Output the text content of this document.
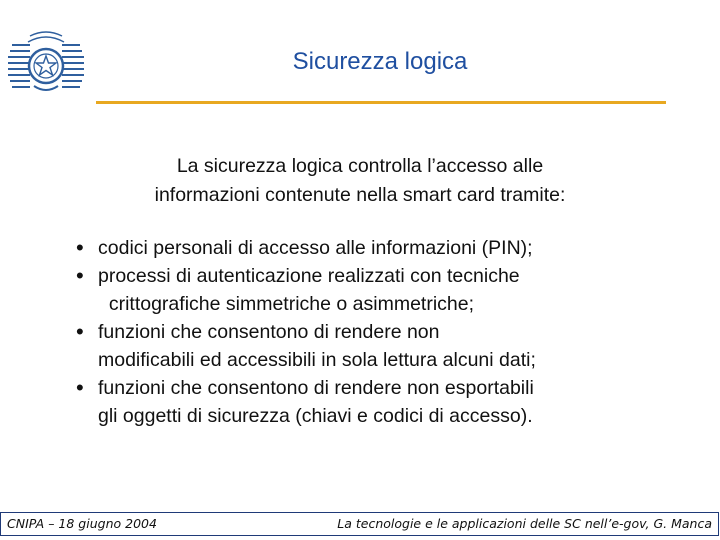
Sicurezza logica
La sicurezza logica controlla l’accesso alle
informazioni contenute nella smart card tramite:
• codici personali di accesso alle informazioni (PIN);
• processi di autenticazione realizzati con tecniche
crittografiche simmetriche o asimmetriche;
• funzioni che consentono di rendere non
modificabili ed accessibili in sola lettura alcuni dati;
• funzioni che consentono di rendere non esportabili
gli oggetti di sicurezza (chiavi e codici di accesso).
CNIPA – 18 giugno 2004	La tecnologie e le applicazioni delle SC nell’e-gov, G. Manca
